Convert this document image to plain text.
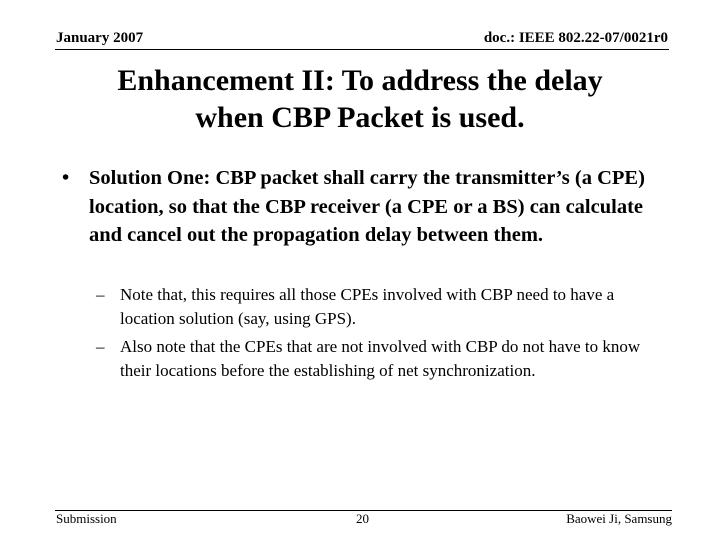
January 2007	doc.: IEEE 802.22-07/0021r0
Enhancement II: To address the delay
when CBP Packet is used.
• Solution One: CBP packet shall carry the transmitter’s (a CPE) location, so that the CBP receiver (a CPE or a BS) can calculate and cancel out the propagation delay between them.
– Note that, this requires all those CPEs involved with CBP need to have a location solution (say, using GPS).
– Also note that the CPEs that are not involved with CBP do not have to know their locations before the establishing of net synchronization.
Submission	20	Baowei Ji, Samsung
